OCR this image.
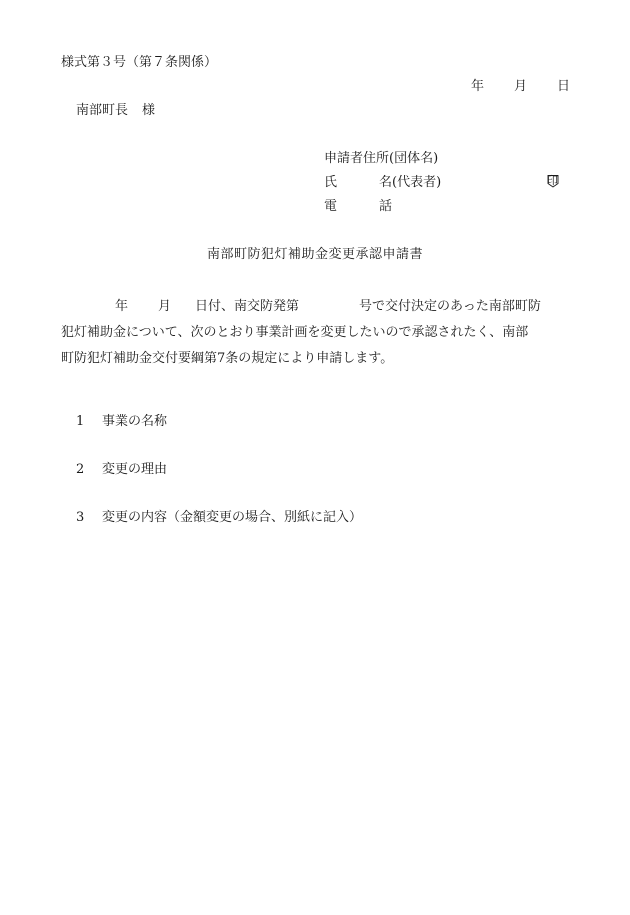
様式第３号（第７条関係）
年 月 日
南部町長 様
申請者住所(団体名)
氏	名(代表者)	印
電	話
南部町防犯灯補助金変更承認申請書
年 月 日付、南交防発第	号で交付決定のあった南部町防
犯灯補助金について、次のとおり事業計画を変更したいので承認されたく、南部
町防犯灯補助金交付要綱第7条の規定により申請します。
1 事業の名称
2 変更の理由
3 変更の内容（金額変更の場合、別紙に記入）
